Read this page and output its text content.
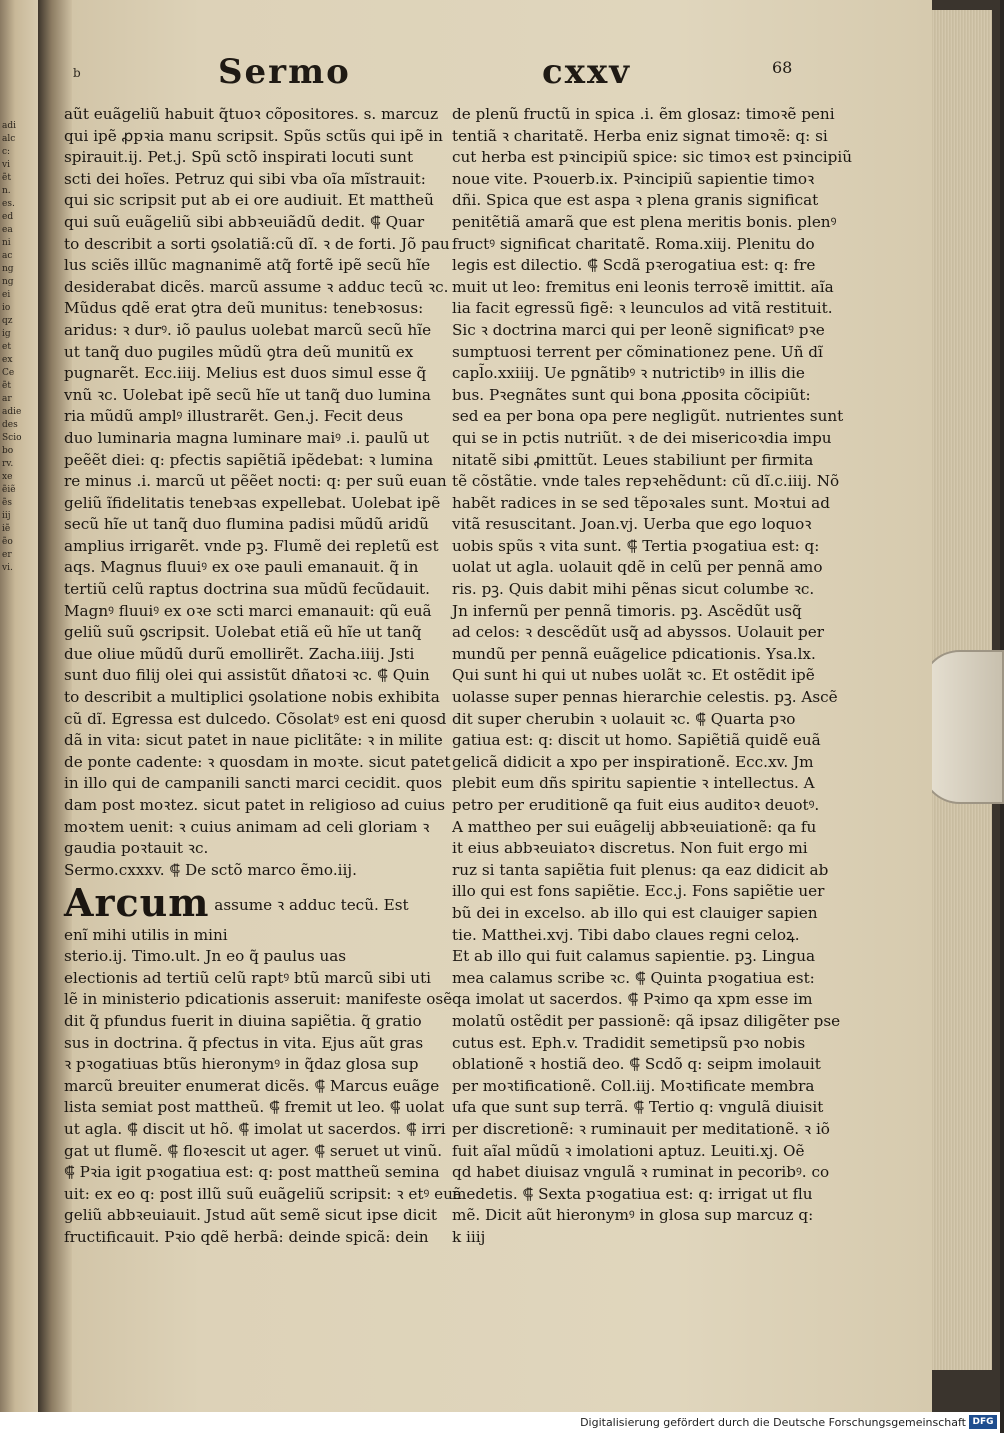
adi
alc
c:
vi
ẽt
n.
es.
ed
ea
ni
ac
ng
ng
ei
io
qz
ig
et
ex
Ce
ẽt
ar
adie
des
Scio
bo
rv.
xe
ẽiẽ
ẽs
iij
iẽ
ẽo
er
vi.
b	Sermo	cxxv	68
aũt euãgeliũ habuit q̃tuoꝛ cõpositores. s. marcuz
qui ipẽ ꝓpꝛia manu scripsit. Spũs sctũs qui ipẽ in
spirauit.ij. Pet.j. Spũ sctõ inspirati locuti sunt
scti dei hoĩes. Petruz qui sibi vba oĩa mĩstrauit:
qui sic scripsit put ab ei ore audiuit. Et mattheũ
qui suũ euãgeliũ sibi abbꝛeuiãdũ dedit. ⸿ Quar
to describit a sorti ꝯsolatiã:cũ dĩ. ꝛ de forti. Jõ pau
lus sciẽs illũc magnanimẽ atq̃ fortẽ ipẽ secũ hĩe
desiderabat dicẽs. marcũ assume ꝛ adduc tecũ ꝛc.
Mũdus qdẽ erat ꝯtra deũ munitus: tenebꝛosus:
aridus: ꝛ durꝰ. iõ paulus uolebat marcũ secũ hĩe
ut tanq̃ duo pugiles mũdũ ꝯtra deũ munitũ ex
pugnarẽt. Ecc.iiij. Melius est duos simul esse q̃
vnũ ꝛc. Uolebat ipẽ secũ hĩe ut tanq̃ duo lumina
ria mũdũ amplꝰ illustrarẽt. Gen.j. Fecit deus
duo luminaria magna luminare maiꝰ .i. paulũ ut
peẽẽt diei: q: pfectis sapiẽtiã ipẽdebat: ꝛ lumina
re minus .i. marcũ ut pẽẽet nocti: q: per suũ euan
geliũ ĩfidelitatis tenebꝛas expellebat. Uolebat ipẽ
secũ hĩe ut tanq̃ duo flumina padisi mũdũ aridũ
amplius irrigarẽt. vnde pꝫ. Flumẽ dei repletũ est
aqs. Magnus fluuiꝰ ex oꝛe pauli emanauit. q̃ in
tertiũ celũ raptus doctrina sua mũdũ fecũdauit.
Magnꝰ fluuiꝰ ex oꝛe scti marci emanauit: qũ euã
geliũ suũ ꝯscripsit. Uolebat etiã eũ hĩe ut tanq̃
due oliue mũdũ durũ emollirẽt. Zacha.iiij. Jsti
sunt duo filij olei qui assistũt dñatoꝛi ꝛc. ⸿ Quin
to describit a multiplici ꝯsolatione nobis exhibita
cũ dĩ. Egressa est dulcedo. Cõsolatꝰ est eni quosd
dã in vita: sicut patet in naue piclitãte: ꝛ in milite
de ponte cadente: ꝛ quosdam in moꝛte. sicut patet
in illo qui de campanili sancti marci cecidit. quos
dam post moꝛtez. sicut patet in religioso ad cuius
moꝛtem uenit: ꝛ cuius animam ad celi gloriam ꝛ
gaudia poꝛtauit ꝛc.
Sermo.cxxxv. ⸿ De sctõ marco ẽmo.iij.
Arcum assume ꝛ adduc tecũ. Est
enĩ mihi utilis in mini
sterio.ij. Timo.ult. Jn eo q̃ paulus uas
electionis ad tertiũ celũ raptꝰ btũ marcũ sibi uti
lẽ in ministerio pdicationis asseruit: manifeste osẽ
dit q̃ pfundus fuerit in diuina sapiẽtia. q̃ gratio
sus in doctrina. q̃ pfectus in vita. Ejus aũt gras
ꝛ pꝛogatiuas btũs hieronymꝰ in q̃daz glosa sup
marcũ breuiter enumerat dicẽs. ⸿ Marcus euãge
lista semiat post mattheũ. ⸿ fremit ut leo. ⸿ uolat
ut agla. ⸿ discit ut hõ. ⸿ imolat ut sacerdos. ⸿ irri
gat ut flumẽ. ⸿ floꝛescit ut ager. ⸿ seruet ut vinũ.
⸿ Pꝛia igit pꝛogatiua est: q: post mattheũ semina
uit: ex eo q: post illũ suũ euãgeliũ scripsit: ꝛ etꝰ euã
geliũ abbꝛeuiauit. Jstud aũt semẽ sicut ipse dicit
fructificauit. Pꝛio qdẽ herbã: deinde spicã: dein
de plenũ fructũ in spica .i. ẽm glosaz: timoꝛẽ peni
tentiã ꝛ charitatẽ. Herba eniz signat timoꝛẽ: q: si
cut herba est pꝛincipiũ spice: sic timoꝛ est pꝛincipiũ
noue vite. Pꝛouerb.ix. Pꝛincipiũ sapientie timoꝛ
dñi. Spica que est aspa ꝛ plena granis significat
penitẽtiã amarã que est plena meritis bonis. plenꝰ
fructꝰ significat charitatẽ. Roma.xiij. Plenitu do
legis est dilectio. ⸿ Scdã pꝛerogatiua est: q: fre
muit ut leo: fremitus eni leonis terroꝛẽ imittit. aĩa
lia facit egressũ figẽ: ꝛ leunculos ad vitã restituit.
Sic ꝛ doctrina marci qui per leonẽ significatꝰ pꝛe
sumptuosi terrent per cõminationez pene. Uñ dĩ
capl̃o.xxiiij. Ue pgnãtibꝰ ꝛ nutrictibꝰ in illis die
bus. Pꝛegnãtes sunt qui bona ꝓposita cõcipiũt:
sed ea per bona opa pere negligũt. nutrientes sunt
qui se in pctis nutriũt. ꝛ de dei misericoꝛdia impu
nitatẽ sibi ꝓmittũt. Leues stabiliunt per firmita
tẽ cõstãtie. vnde tales repꝛehẽdunt: cũ dĩ.c.iiij. Nõ
habẽt radices in se sed tẽpoꝛales sunt. Moꝛtui ad
vitã resuscitant. Joan.vj. Uerba que ego loquoꝛ
uobis spũs ꝛ vita sunt. ⸿ Tertia pꝛogatiua est: q:
uolat ut agla. uolauit qdẽ in celũ per pennã amo
ris. pꝫ. Quis dabit mihi pẽnas sicut columbe ꝛc.
Jn infernũ per pennã timoris. pꝫ. Ascẽdũt usq̃
ad celos: ꝛ descẽdũt usq̃ ad abyssos. Uolauit per
mundũ per pennã euãgelice pdicationis. Ysa.lx.
Qui sunt hi qui ut nubes uolãt ꝛc. Et ostẽdit ipẽ
uolasse super pennas hierarchie celestis. pꝫ. Ascẽ
dit super cherubin ꝛ uolauit ꝛc. ⸿ Quarta pꝛo
gatiua est: q: discit ut homo. Sapiẽtiã quidẽ euã
gelicã didicit a xpo per inspirationẽ. Ecc.xv. Jm
plebit eum dñs spiritu sapientie ꝛ intellectus. A
petro per eruditionẽ qa fuit eius auditoꝛ deuotꝰ.
A mattheo per sui euãgelij abbꝛeuiationẽ: qa fu
it eius abbꝛeuiatoꝛ discretus. Non fuit ergo mi
ruz si tanta sapiẽtia fuit plenus: qa eaz didicit ab
illo qui est fons sapiẽtie. Ecc.j. Fons sapiẽtie uer
bũ dei in excelso. ab illo qui est clauiger sapien
tie. Matthei.xvj. Tibi dabo claues regni celoꝝ.
Et ab illo qui fuit calamus sapientie. pꝫ. Lingua
mea calamus scribe ꝛc. ⸿ Quinta pꝛogatiua est:
qa imolat ut sacerdos. ⸿ Pꝛimo qa xpm esse im
molatũ ostẽdit per passionẽ: qã ipsaz diligẽter pse
cutus est. Eph.v. Tradidit semetipsũ pꝛo nobis
oblationẽ ꝛ hostiã deo. ⸿ Scdõ q: seipm imolauit
per moꝛtificationẽ. Coll.iij. Moꝛtificate membra
ufa que sunt sup terrã. ⸿ Tertio q: vngulã diuisit
per discretionẽ: ꝛ ruminauit per meditationẽ. ꝛ iõ
fuit aĩal mũdũ ꝛ imolationi aptuz. Leuiti.xj. Oẽ
qd habet diuisaz vngulã ꝛ ruminat in pecoribꝰ. co
medetis. ⸿ Sexta pꝛogatiua est: q: irrigat ut flu
mẽ. Dicit aũt hieronymꝰ in glosa sup marcuz q:
k iiij
Digitalisierung gefördert durch die Deutsche Forschungsgemeinschaft DFG
